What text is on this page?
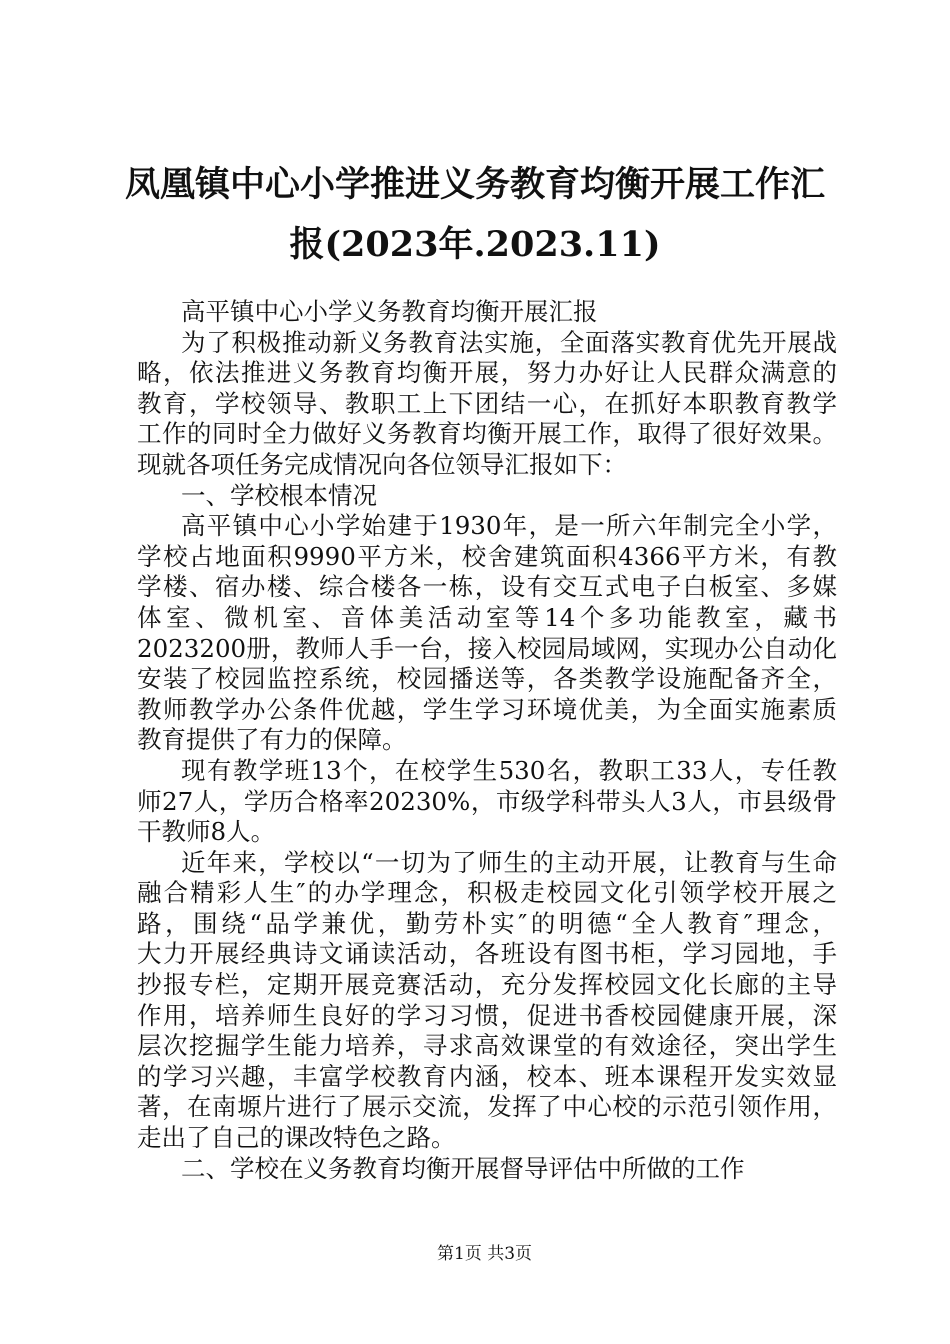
凤凰镇中心小学推进义务教育均衡开展工作汇
报(2023年.2023.11)
高平镇中心小学义务教育均衡开展汇报
为了积极推动新义务教育法实施，全面落实教育优先开展战
略，依法推进义务教育均衡开展，努力办好让人民群众满意的
教育，学校领导、教职工上下团结一心，在抓好本职教育教学
工作的同时全力做好义务教育均衡开展工作，取得了很好效果。
现就各项任务完成情况向各位领导汇报如下：
一、学校根本情况
高平镇中心小学始建于1930年，是一所六年制完全小学，
学校占地面积9990平方米，校舍建筑面积4366平方米，有教
学楼、宿办楼、综合楼各一栋，设有交互式电子白板室、多媒
体室、微机室、音体美活动室等14个多功能教室，藏书
2023200册，教师人手一台，接入校园局域网，实现办公自动化
安装了校园监控系统，校园播送等，各类教学设施配备齐全，
教师教学办公条件优越，学生学习环境优美，为全面实施素质
教育提供了有力的保障。
现有教学班13个，在校学生530名，教职工33人，专任教
师27人，学历合格率20230%，市级学科带头人3人，市县级骨
干教师8人。
近年来，学校以“一切为了师生的主动开展，让教育与生命
融合精彩人生″的办学理念，积极走校园文化引领学校开展之
路，围绕“品学兼优，勤劳朴实″的明德“全人教育″理念，
大力开展经典诗文诵读活动，各班设有图书柜，学习园地，手
抄报专栏，定期开展竞赛活动，充分发挥校园文化长廊的主导
作用，培养师生良好的学习习惯，促进书香校园健康开展，深
层次挖掘学生能力培养，寻求高效课堂的有效途径，突出学生
的学习兴趣，丰富学校教育内涵，校本、班本课程开发实效显
著，在南塬片进行了展示交流，发挥了中心校的示范引领作用，
走出了自己的课改特色之路。
二、学校在义务教育均衡开展督导评估中所做的工作
第1页 共3页
